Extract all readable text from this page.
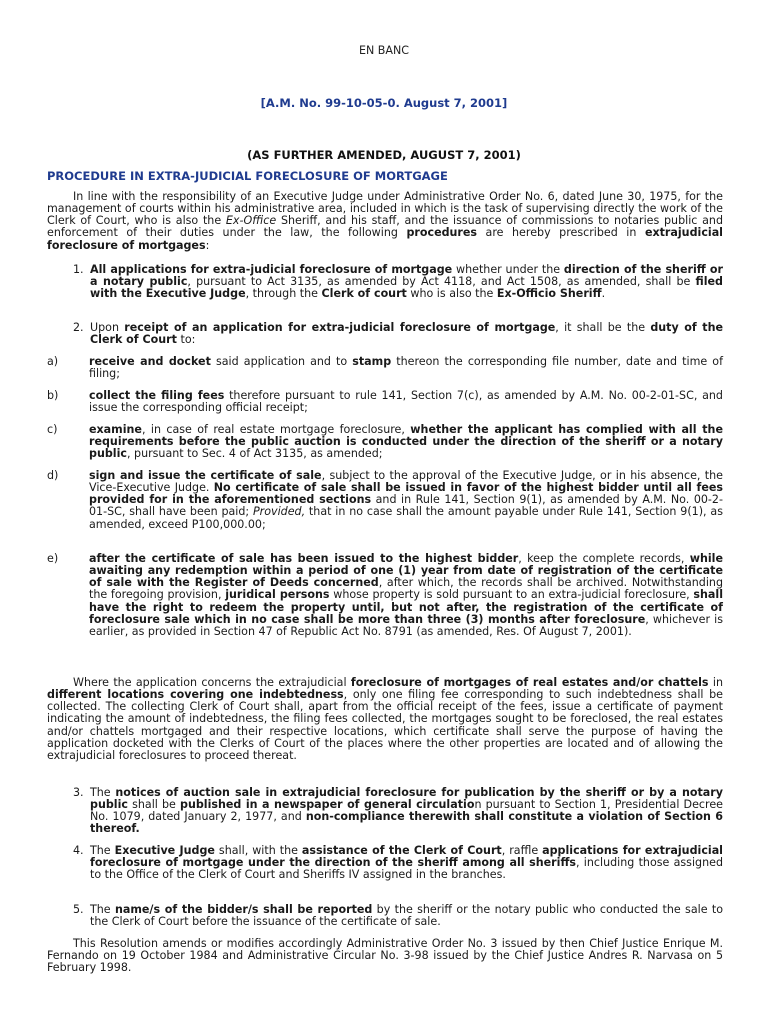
EN BANC
[A.M. No. 99-10-05-0. August 7, 2001]
(AS FURTHER AMENDED, AUGUST 7, 2001)
PROCEDURE IN EXTRA-JUDICIAL FORECLOSURE OF MORTGAGE
In line with the responsibility of an Executive Judge under Administrative Order No. 6, dated June 30, 1975, for the management of courts within his administrative area, included in which is the task of supervising directly the work of the Clerk of Court, who is also the Ex-Office Sheriff, and his staff, and the issuance of commissions to notaries public and enforcement of their duties under the law, the following procedures are hereby prescribed in extrajudicial foreclosure of mortgages:
1. All applications for extra-judicial foreclosure of mortgage whether under the direction of the sheriff or a notary public, pursuant to Act 3135, as amended by Act 4118, and Act 1508, as amended, shall be filed with the Executive Judge, through the Clerk of court who is also the Ex-Officio Sheriff.
2. Upon receipt of an application for extra-judicial foreclosure of mortgage, it shall be the duty of the Clerk of Court to:
a)	receive and docket said application and to stamp thereon the corresponding file number, date and time of filing;
b)	collect the filing fees therefore pursuant to rule 141, Section 7(c), as amended by A.M. No. 00-2-01-SC, and issue the corresponding official receipt;
c)	examine, in case of real estate mortgage foreclosure, whether the applicant has complied with all the requirements before the public auction is conducted under the direction of the sheriff or a notary public, pursuant to Sec. 4 of Act 3135, as amended;
d)	sign and issue the certificate of sale, subject to the approval of the Executive Judge, or in his absence, the Vice-Executive Judge. No certificate of sale shall be issued in favor of the highest bidder until all fees provided for in the aforementioned sections and in Rule 141, Section 9(1), as amended by A.M. No. 00-2-01-SC, shall have been paid; Provided, that in no case shall the amount payable under Rule 141, Section 9(1), as amended, exceed P100,000.00;
e)	after the certificate of sale has been issued to the highest bidder, keep the complete records, while awaiting any redemption within a period of one (1) year from date of registration of the certificate of sale with the Register of Deeds concerned, after which, the records shall be archived. Notwithstanding the foregoing provision, juridical persons whose property is sold pursuant to an extra-judicial foreclosure, shall have the right to redeem the property until, but not after, the registration of the certificate of foreclosure sale which in no case shall be more than three (3) months after foreclosure, whichever is earlier, as provided in Section 47 of Republic Act No. 8791 (as amended, Res. Of August 7, 2001).
Where the application concerns the extrajudicial foreclosure of mortgages of real estates and/or chattels in different locations covering one indebtedness, only one filing fee corresponding to such indebtedness shall be collected. The collecting Clerk of Court shall, apart from the official receipt of the fees, issue a certificate of payment indicating the amount of indebtedness, the filing fees collected, the mortgages sought to be foreclosed, the real estates and/or chattels mortgaged and their respective locations, which certificate shall serve the purpose of having the application docketed with the Clerks of Court of the places where the other properties are located and of allowing the extrajudicial foreclosures to proceed thereat.
3. The notices of auction sale in extrajudicial foreclosure for publication by the sheriff or by a notary public shall be published in a newspaper of general circulation pursuant to Section 1, Presidential Decree No. 1079, dated January 2, 1977, and non-compliance therewith shall constitute a violation of Section 6 thereof.
4. The Executive Judge shall, with the assistance of the Clerk of Court, raffle applications for extrajudicial foreclosure of mortgage under the direction of the sheriff among all sheriffs, including those assigned to the Office of the Clerk of Court and Sheriffs IV assigned in the branches.
5. The name/s of the bidder/s shall be reported by the sheriff or the notary public who conducted the sale to the Clerk of Court before the issuance of the certificate of sale.
This Resolution amends or modifies accordingly Administrative Order No. 3 issued by then Chief Justice Enrique M. Fernando on 19 October 1984 and Administrative Circular No. 3-98 issued by the Chief Justice Andres R. Narvasa on 5 February 1998.
